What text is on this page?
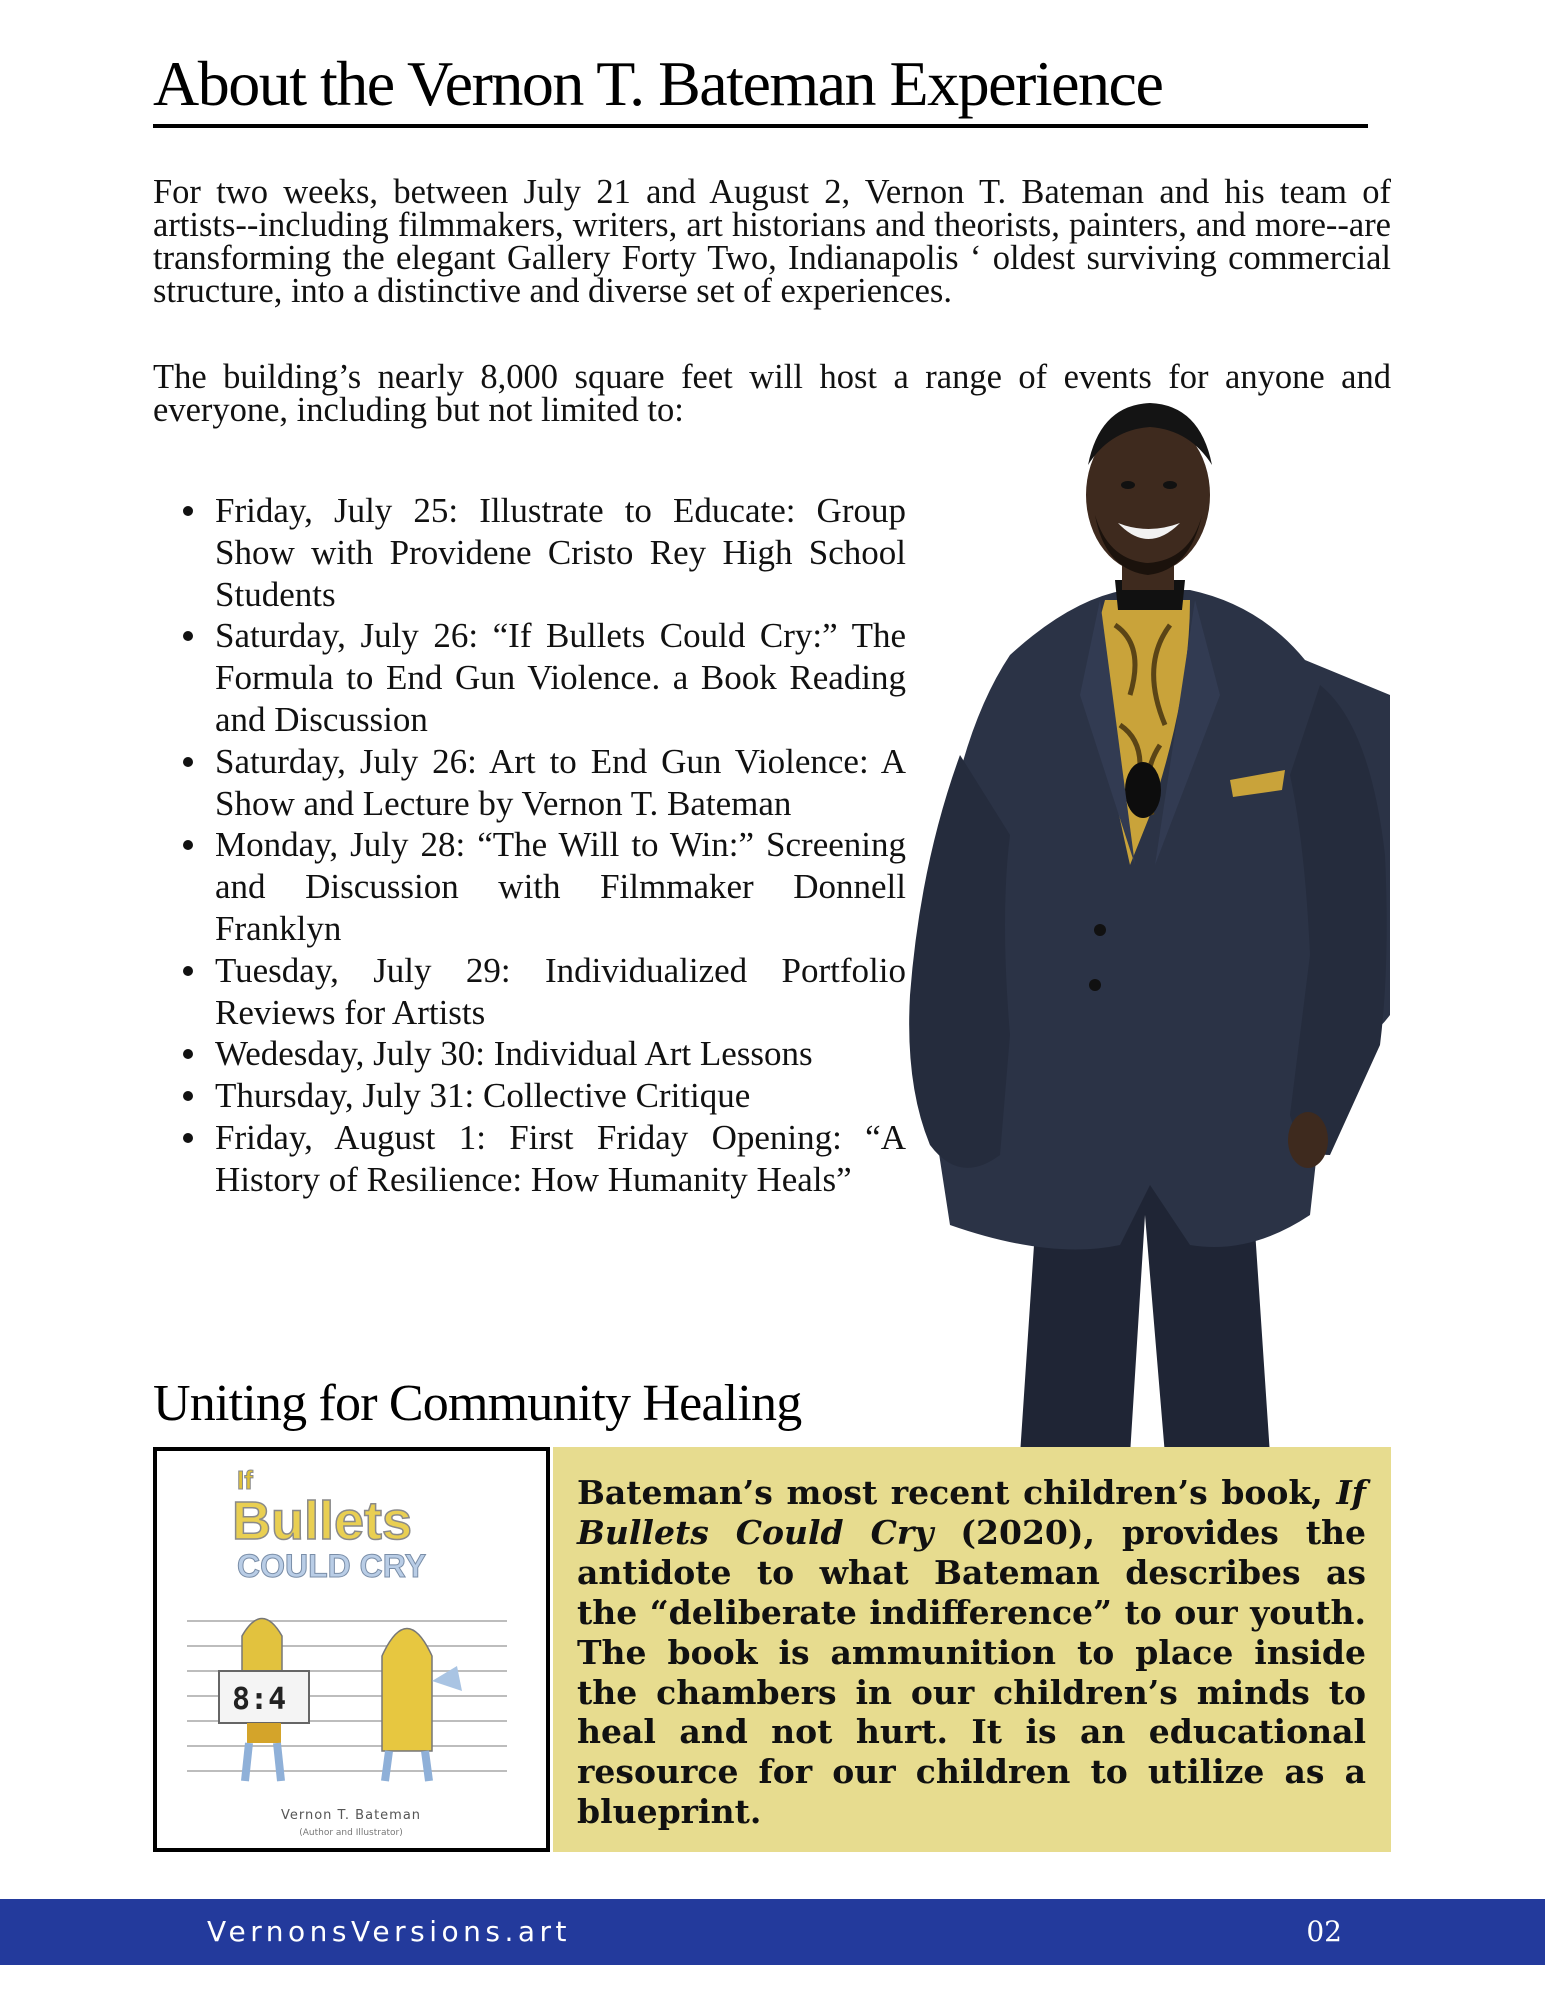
About the Vernon T. Bateman Experience

For two weeks, between July 21 and August 2, Vernon T. Bateman and his team of artists--including filmmakers, writers, art historians and theorists, painters, and more--are transforming the elegant Gallery Forty Two, Indianapolis ‘ oldest surviving commercial structure, into a distinctive and diverse set of experiences.

The building’s nearly 8,000 square feet will host a range of events for anyone and everyone, including but not limited to:

Friday, July 25: Illustrate to Educate: Group Show with Providene Cristo Rey High School Students
Saturday, July 26: “If Bullets Could Cry:” The Formula to End Gun Violence. a Book Reading and Discussion
Saturday, July 26: Art to End Gun Violence: A Show and Lecture by Vernon T. Bateman
Monday, July 28: “The Will to Win:” Screening and Discussion with Filmmaker Donnell Franklyn
Tuesday, July 29: Individualized Portfolio Reviews for Artists
Wedesday, July 30: Individual Art Lessons
Thursday, July 31: Collective Critique
Friday, August 1: First Friday Opening: “A History of Resilience: How Humanity Heals”
Uniting for Community Healing
If
Bullets
COULD CRY
8:4
Vernon T. Bateman
(Author and Illustrator)

Bateman’s most recent children’s book, If Bullets Could Cry (2020), provides the antidote to what Bateman describes as the “deliberate indifference” to our youth. The book is ammunition to place inside the chambers in our children’s minds to heal and not hurt. It is an educational resource for our children to utilize as a blueprint.

VernonsVersions.art	02
